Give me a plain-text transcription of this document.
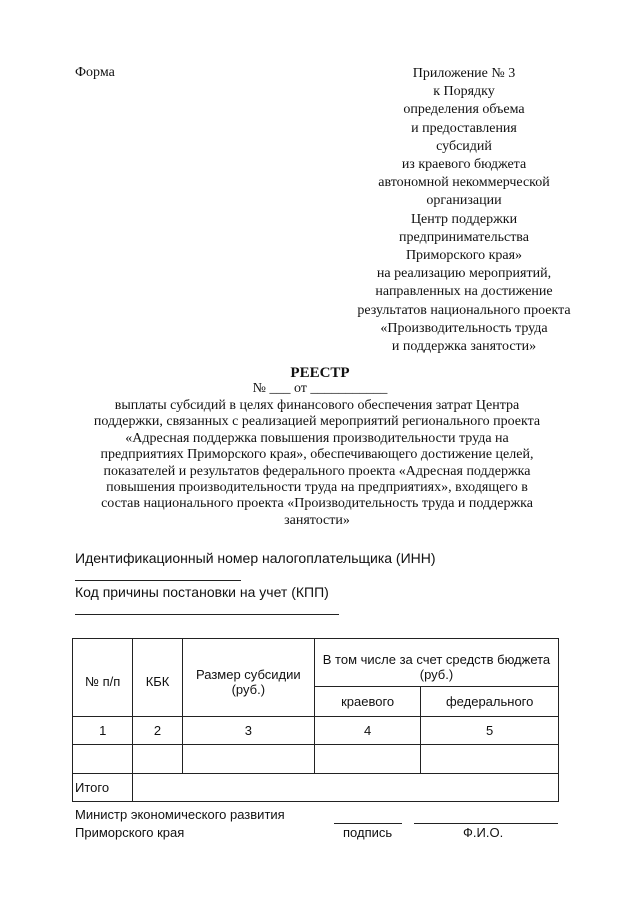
Форма	Приложение № 3
к Порядку
определения объема
и предоставления
субсидий
из краевого бюджета
автономной некоммерческой
организации
Центр поддержки
предпринимательства
Приморского края»
на реализацию мероприятий,
направленных на достижение
результатов национального проекта
«Производительность труда
и поддержка занятости»
РЕЕСТР
№ ___ от ___________
выплаты субсидий в целях финансового обеспечения затрат Центра
поддержки, связанных с реализацией мероприятий регионального проекта
«Адресная поддержка повышения производительности труда на
предприятиях Приморского края», обеспечивающего достижение целей,
показателей и результатов федерального проекта «Адресная поддержка
повышения производительности труда на предприятиях», входящего в
состав национального проекта «Производительность труда и поддержка
занятости»
Идентификационный номер налогоплательщика (ИНН)
Код причины постановки на учет (КПП)
№ п/п	КБК	Размер субсидии (руб.)	В том числе за счет средств бюджета (руб.)	
			краевого	федерального
1	2	3	4	5

Итого				
Министр экономического развития
Приморского края	подпись	Ф.И.О.
